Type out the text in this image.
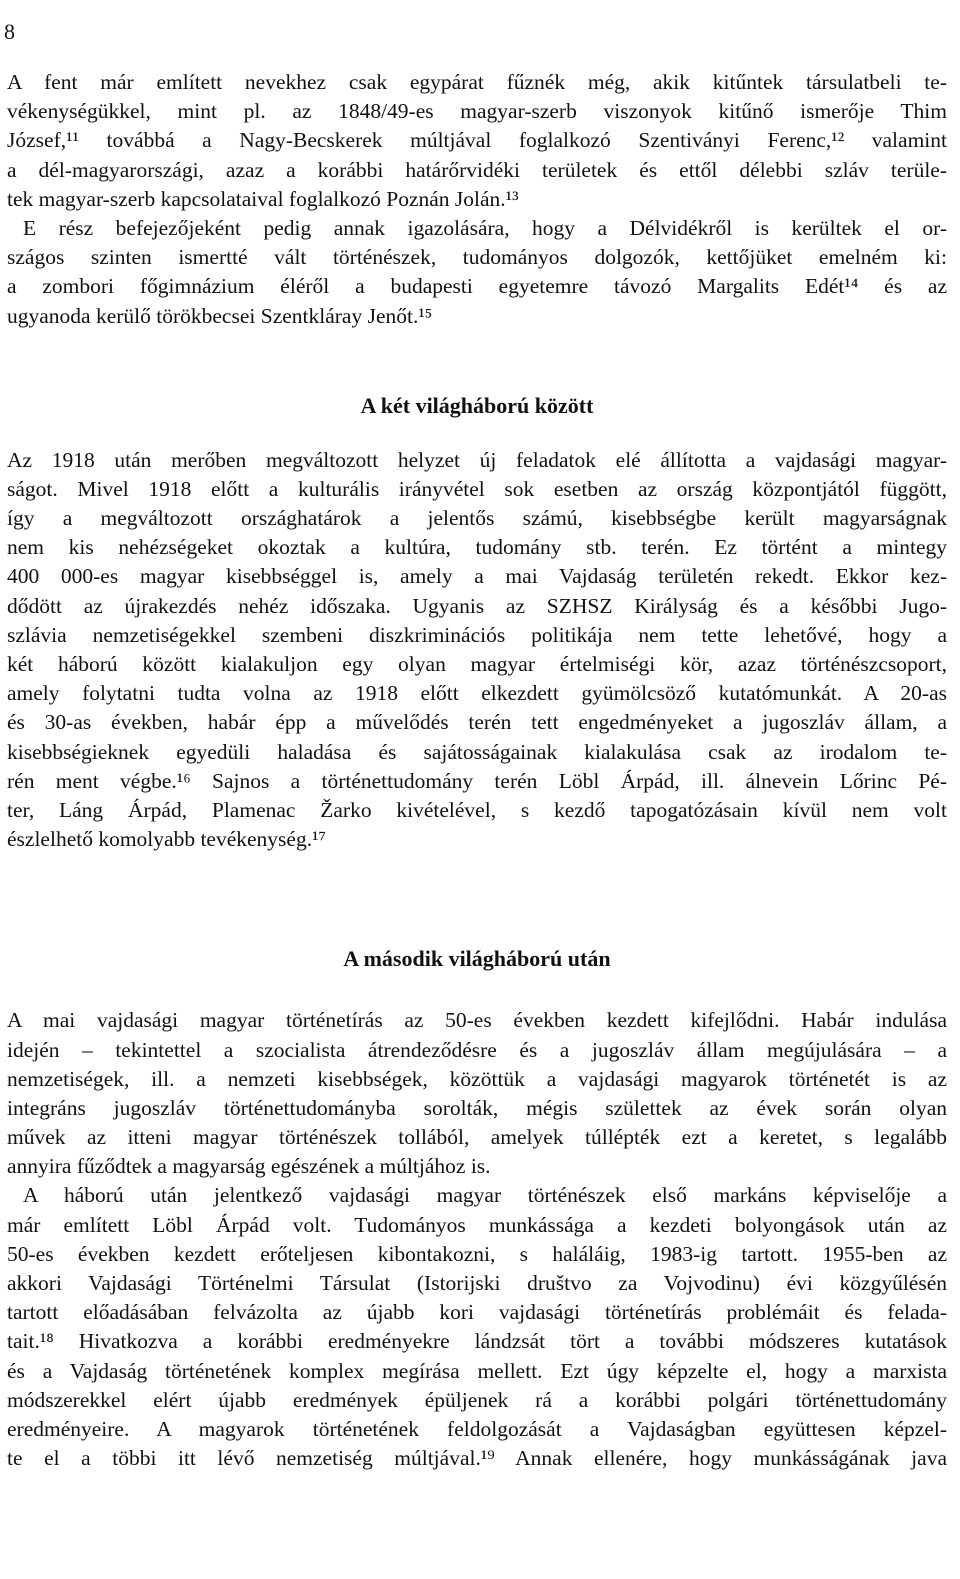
8
A fent már említett nevekhez csak egypárat fűznék még, akik kitűntek társulatbeli te-
vékenységükkel, mint pl. az 1848/49-es magyar-szerb viszonyok kitűnő ismerője Thim
József,¹¹ továbbá a Nagy-Becskerek múltjával foglalkozó Szentiványi Ferenc,¹² valamint
a dél-magyarországi, azaz a korábbi határőrvidéki területek és ettől délebbi szláv terüle-
tek magyar-szerb kapcsolataival foglalkozó Poznán Jolán.¹³
E rész befejezőjeként pedig annak igazolására, hogy a Délvidékről is kerültek el or-
szágos szinten ismertté vált történészek, tudományos dolgozók, kettőjüket emelném ki:
a zombori főgimnázium éléről a budapesti egyetemre távozó Margalits Edét¹⁴ és az
ugyanoda kerülő törökbecsei Szentkláray Jenőt.¹⁵
A két világháború között
Az 1918 után merőben megváltozott helyzet új feladatok elé állította a vajdasági magyar-
ságot. Mivel 1918 előtt a kulturális irányvétel sok esetben az ország központjától függött,
így a megváltozott országhatárok a jelentős számú, kisebbségbe került magyarságnak
nem kis nehézségeket okoztak a kultúra, tudomány stb. terén. Ez történt a mintegy
400 000-es magyar kisebbséggel is, amely a mai Vajdaság területén rekedt. Ekkor kez-
dődött az újrakezdés nehéz időszaka. Ugyanis az SZHSZ Királyság és a későbbi Jugo-
szlávia nemzetiségekkel szembeni diszkriminációs politikája nem tette lehetővé, hogy a
két háború között kialakuljon egy olyan magyar értelmiségi kör, azaz történészcsoport,
amely folytatni tudta volna az 1918 előtt elkezdett gyümölcsöző kutatómunkát. A 20-as
és 30-as években, habár épp a művelődés terén tett engedményeket a jugoszláv állam, a
kisebbségieknek egyedüli haladása és sajátosságainak kialakulása csak az irodalom te-
rén ment végbe.¹⁶ Sajnos a történettudomány terén Löbl Árpád, ill. álnevein Lőrinc Pé-
ter, Láng Árpád, Plamenac Žarko kivételével, s kezdő tapogatózásain kívül nem volt
észlelhető komolyabb tevékenység.¹⁷
A második világháború után
A mai vajdasági magyar történetírás az 50-es években kezdett kifejlődni. Habár indulása
idején – tekintettel a szocialista átrendeződésre és a jugoszláv állam megújulására – a
nemzetiségek, ill. a nemzeti kisebbségek, közöttük a vajdasági magyarok történetét is az
integráns jugoszláv történettudományba sorolták, mégis születtek az évek során olyan
művek az itteni magyar történészek tollából, amelyek túllépték ezt a keretet, s legalább
annyira fűződtek a magyarság egészének a múltjához is.
A háború után jelentkező vajdasági magyar történészek első markáns képviselője a
már említett Löbl Árpád volt. Tudományos munkássága a kezdeti bolyongások után az
50-es években kezdett erőteljesen kibontakozni, s haláláig, 1983-ig tartott. 1955-ben az
akkori Vajdasági Történelmi Társulat (Istorijski društvo za Vojvodinu) évi közgyűlésén
tartott előadásában felvázolta az újabb kori vajdasági történetírás problémáit és felada-
tait.¹⁸ Hivatkozva a korábbi eredményekre lándzsát tört a további módszeres kutatások
és a Vajdaság történetének komplex megírása mellett. Ezt úgy képzelte el, hogy a marxista
módszerekkel elért újabb eredmények épüljenek rá a korábbi polgári történettudomány
eredményeire. A magyarok történetének feldolgozását a Vajdaságban együttesen képzel-
te el a többi itt lévő nemzetiség múltjával.¹⁹ Annak ellenére, hogy munkásságának java
